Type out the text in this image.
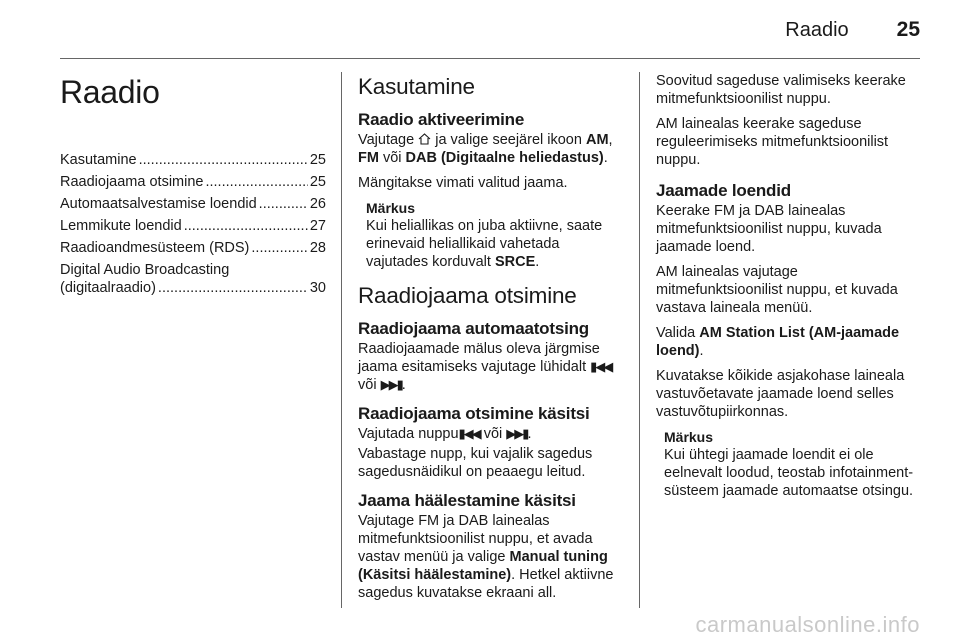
Raadio 25
Raadio
Kasutamine .....	25
Raadiojaama otsimine .....	25
Automaatsalvestamise loendid .....	26
Lemmikute loendid .....	27
Raadioandmesüsteem (RDS) .....	28
Digital Audio Broadcasting
(digitaalraadio) .....	30
Kasutamine
Raadio aktiveerimine

Vajutage  ja valige seejärel ikoon AM, FM või DAB (Digitaalne heliedastus).

Mängitakse vimati valitud jaama.

Märkus
Kui heliallikas on juba aktiivne, saate erinevaid heliallikaid vahetada vajutades korduvalt SRCE.
Raadiojaama otsimine
Raadiojaama automaatotsing

Raadiojaamade mälus oleva järgmise jaama esitamiseks vajutage lühidalt ▮◀◀ või ▶▶▮.

Raadiojaama otsimine käsitsi

Vajutada nuppu▮◀◀ või ▶▶▮.

Vabastage nupp, kui vajalik sagedus sagedusnäidikul on peaaegu leitud.

Jaama häälestamine käsitsi

Vajutage FM ja DAB lainealas mitmefunktsioonilist nuppu, et avada vastav menüü ja valige Manual tuning (Käsitsi häälestamine). Hetkel aktiivne sagedus kuvatakse ekraani all.

Soovitud sageduse valimiseks keerake mitmefunktsioonilist nuppu.

AM lainealas keerake sageduse reguleerimiseks mitmefunktsioonilist nuppu.

Jaamade loendid

Keerake FM ja DAB lainealas mitmefunktsioonilist nuppu, kuvada jaamade loend.

AM lainealas vajutage mitmefunktsioonilist nuppu, et kuvada vastava laineala menüü.

Valida AM Station List (AM-jaamade loend).

Kuvatakse kõikide asjakohase laineala vastuvõetavate jaamade loend selles vastuvõtupiirkonnas.

Märkus
Kui ühtegi jaamade loendit ei ole eelnevalt loodud, teostab infotainment-süsteem jaamade automaatse otsingu.
carmanualsonline.info
